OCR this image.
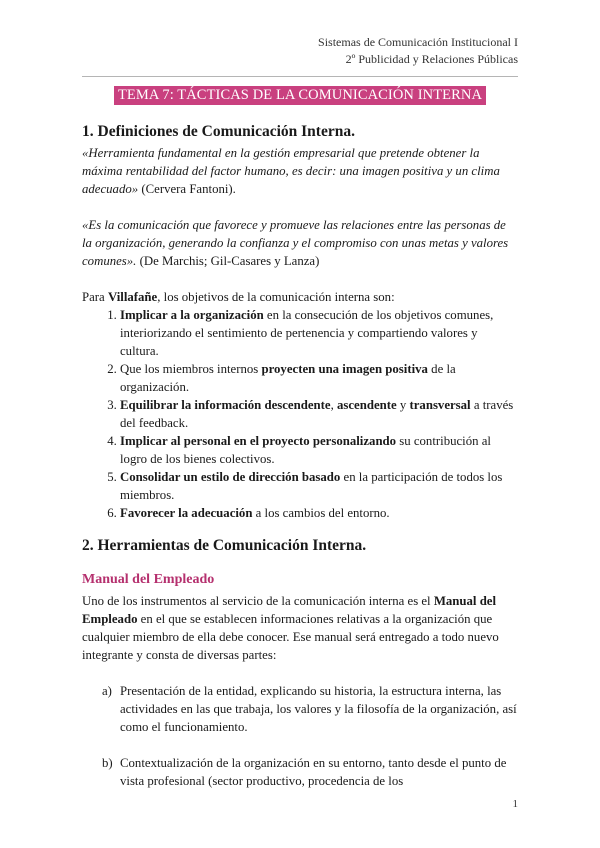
Sistemas de Comunicación Institucional I
2º Publicidad y Relaciones Públicas
TEMA 7: TÁCTICAS DE LA COMUNICACIÓN INTERNA
1. Definiciones de Comunicación Interna.

«Herramienta fundamental en la gestión empresarial que pretende obtener la máxima rentabilidad del factor humano, es decir: una imagen positiva y un clima adecuado» (Cervera Fantoni).

«Es la comunicación que favorece y promueve las relaciones entre las personas de la organización, generando la confianza y el compromiso con unas metas y valores comunes». (De Marchis; Gil-Casares y Lanza)

Para Villafañe, los objetivos de la comunicación interna son:

1. Implicar a la organización en la consecución de los objetivos comunes, interiorizando el sentimiento de pertenencia y compartiendo valores y cultura.
2. Que los miembros internos proyecten una imagen positiva de la organización.
3. Equilibrar la información descendente, ascendente y transversal a través del feedback.
4. Implicar al personal en el proyecto personalizando su contribución al logro de los bienes colectivos.
5. Consolidar un estilo de dirección basado en la participación de todos los miembros.
6. Favorecer la adecuación a los cambios del entorno.
2. Herramientas de Comunicación Interna.
Manual del Empleado

Uno de los instrumentos al servicio de la comunicación interna es el Manual del Empleado en el que se establecen informaciones relativas a la organización que cualquier miembro de ella debe conocer. Ese manual será entregado a todo nuevo integrante y consta de diversas partes:

a) Presentación de la entidad, explicando su historia, la estructura interna, las actividades en las que trabaja, los valores y la filosofía de la organización, así como el funcionamiento.
b) Contextualización de la organización en su entorno, tanto desde el punto de vista profesional (sector productivo, procedencia de los
1
